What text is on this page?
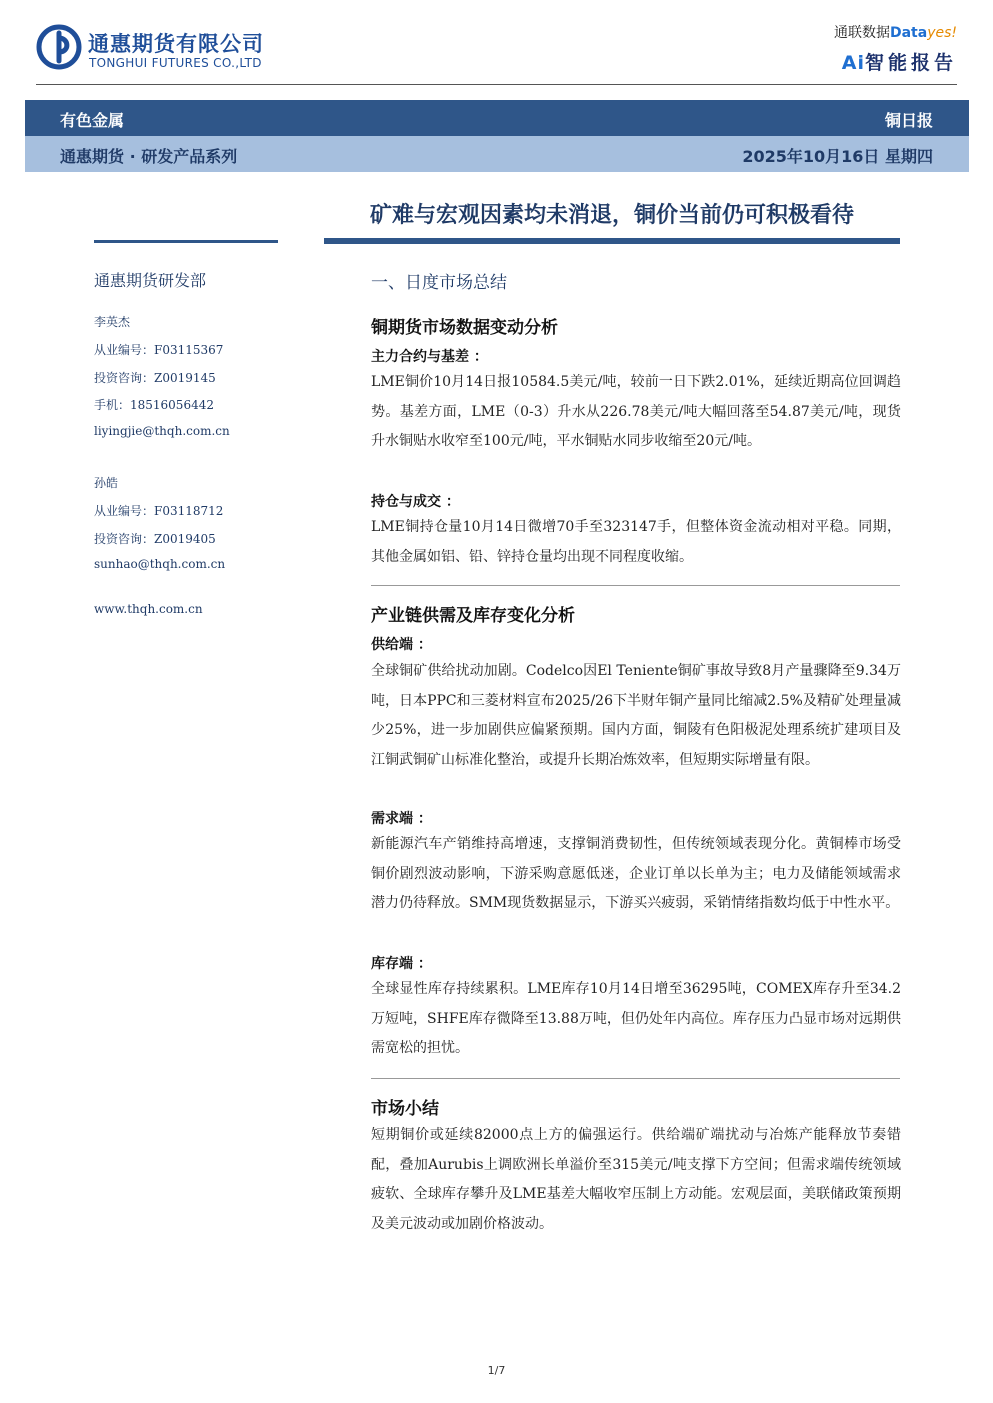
通惠期货有限公司
TONGHUI FUTURES CO.,LTD
通联数据Datayes!
Ai智能报告
有色金属	铜日报
通惠期货 · 研发产品系列	2025年10月16日 星期四
矿难与宏观因素均未消退，铜价当前仍可积极看待
通惠期货研发部
李英杰
从业编号：F03115367
投资咨询：Z0019145
手机：18516056442
liyingjie@thqh.com.cn
孙皓
从业编号：F03118712
投资咨询：Z0019405
sunhao@thqh.com.cn
www.thqh.com.cn
一、日度市场总结
铜期货市场数据变动分析
主力合约与基差 ：
LME铜价10月14日报10584.5美元/吨，较前一日下跌2.01%，延续近期高位回调趋势。基差方面，LME（0-3）升水从226.78美元/吨大幅回落至54.87美元/吨，现货升水铜贴水收窄至100元/吨，平水铜贴水同步收缩至20元/吨。
持仓与成交 ：
LME铜持仓量10月14日微增70手至323147手，但整体资金流动相对平稳。同期，其他金属如铝、铅、锌持仓量均出现不同程度收缩。
产业链供需及库存变化分析
供给端 ：
全球铜矿供给扰动加剧。Codelco因El Teniente铜矿事故导致8月产量骤降至9.34万吨，日本PPC和三菱材料宣布2025/26下半财年铜产量同比缩减2.5%及精矿处理量减少25%，进一步加剧供应偏紧预期。国内方面，铜陵有色阳极泥处理系统扩建项目及江铜武铜矿山标准化整治，或提升长期冶炼效率，但短期实际增量有限。
需求端 ：
新能源汽车产销维持高增速，支撑铜消费韧性，但传统领域表现分化。黄铜棒市场受铜价剧烈波动影响，下游采购意愿低迷，企业订单以长单为主；电力及储能领域需求潜力仍待释放。SMM现货数据显示，下游买兴疲弱，采销情绪指数均低于中性水平。
库存端 ：
全球显性库存持续累积。LME库存10月14日增至36295吨，COMEX库存升至34.2万短吨，SHFE库存微降至13.88万吨，但仍处年内高位。库存压力凸显市场对远期供需宽松的担忧。
市场小结
短期铜价或延续82000点上方的偏强运行。供给端矿端扰动与冶炼产能释放节奏错配，叠加Aurubis上调欧洲长单溢价至315美元/吨支撑下方空间；但需求端传统领域疲软、全球库存攀升及LME基差大幅收窄压制上方动能。宏观层面，美联储政策预期及美元波动或加剧价格波动。
1/7
